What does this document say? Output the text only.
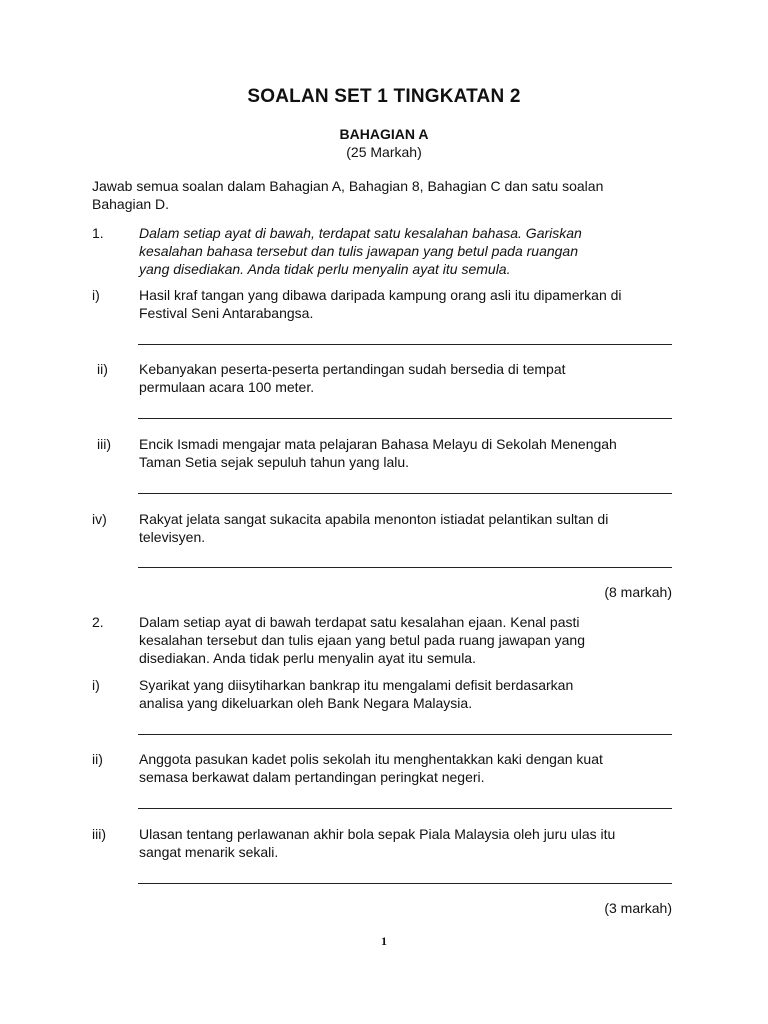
SOALAN SET 1 TINGKATAN 2
BAHAGIAN A
(25 Markah)
Jawab semua soalan dalam Bahagian A, Bahagian 8, Bahagian C dan satu soalan
Bahagian D.
1.	Dalam setiap ayat di bawah, terdapat satu kesalahan bahasa. Gariskan
kesalahan bahasa tersebut dan tulis jawapan yang betul pada ruangan
yang disediakan. Anda tidak perlu menyalin ayat itu semula.
i)	Hasil kraf tangan yang dibawa daripada kampung orang asli itu dipamerkan di
Festival Seni Antarabangsa.
ii) Kebanyakan peserta-peserta pertandingan sudah bersedia di tempat
permulaan acara 100 meter.
iii) Encik Ismadi mengajar mata pelajaran Bahasa Melayu di Sekolah Menengah
Taman Setia sejak sepuluh tahun yang lalu.
iv) Rakyat jelata sangat sukacita apabila menonton istiadat pelantikan sultan di
televisyen.
(8 markah)
2.	Dalam setiap ayat di bawah terdapat satu kesalahan ejaan. Kenal pasti
kesalahan tersebut dan tulis ejaan yang betul pada ruang jawapan yang
disediakan. Anda tidak perlu menyalin ayat itu semula.
i)	Syarikat yang diisytiharkan bankrap itu mengalami defisit berdasarkan
analisa yang dikeluarkan oleh Bank Negara Malaysia.
ii)	Anggota pasukan kadet polis sekolah itu menghentakkan kaki dengan kuat
semasa berkawat dalam pertandingan peringkat negeri.
iii) Ulasan tentang perlawanan akhir bola sepak Piala Malaysia oleh juru ulas itu
sangat menarik sekali.
(3 markah)
1
